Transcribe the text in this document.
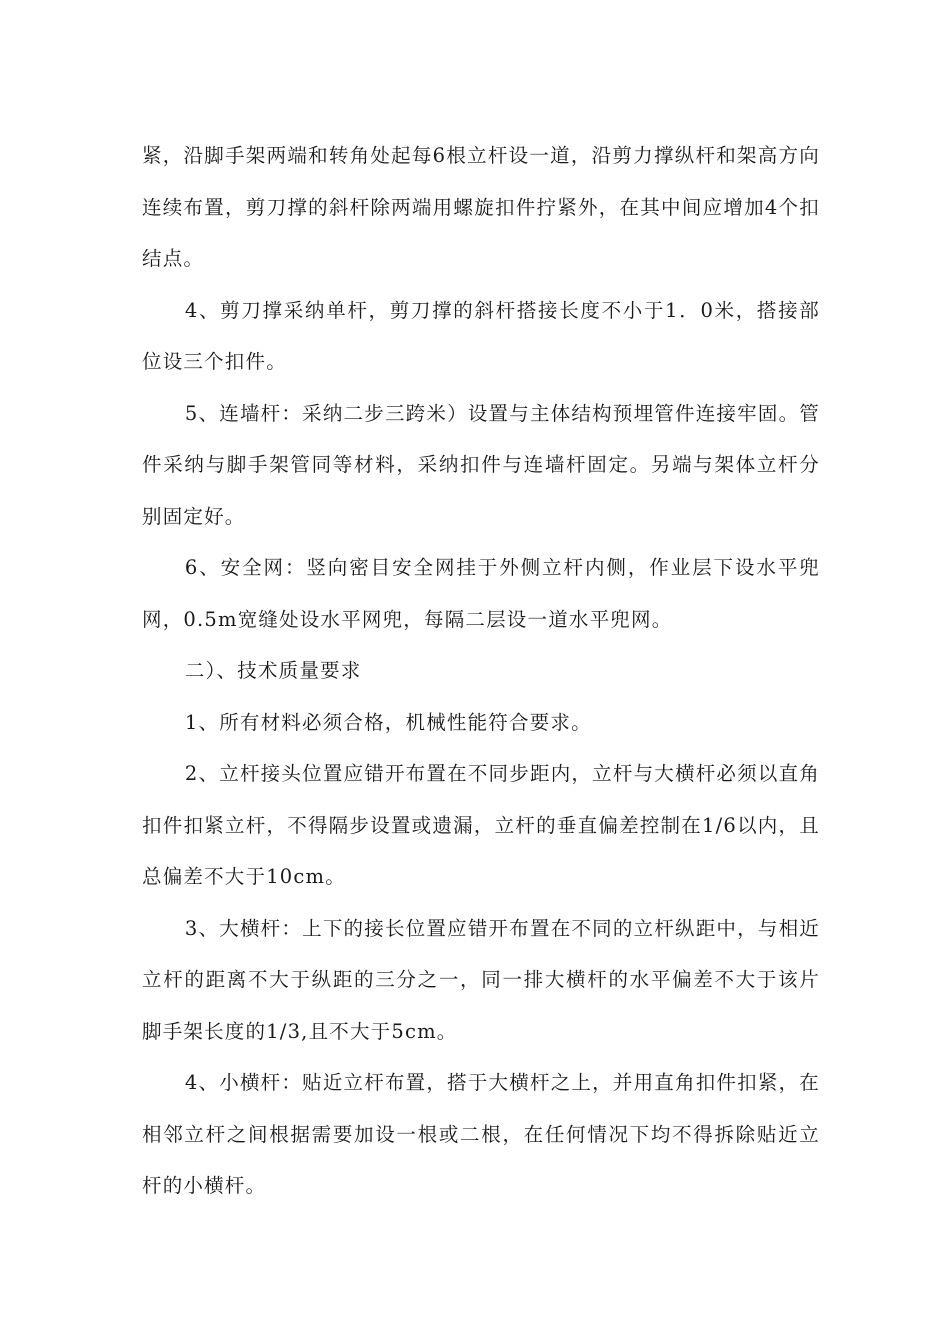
紧，沿脚手架两端和转角处起每6根立杆设一道，沿剪力撑纵杆和架高方向连续布置，剪刀撑的斜杆除两端用螺旋扣件拧紧外，在其中间应增加4个扣结点。

4、剪刀撑采纳单杆，剪刀撑的斜杆搭接长度不小于1．0米，搭接部位设三个扣件。

5、连墙杆：采纳二步三跨米）设置与主体结构预埋管件连接牢固。管件采纳与脚手架管同等材料，采纳扣件与连墙杆固定。另端与架体立杆分别固定好。

6、安全网：竖向密目安全网挂于外侧立杆内侧，作业层下设水平兜网，0.5m宽缝处设水平网兜，每隔二层设一道水平兜网。

二）、技术质量要求

1、所有材料必须合格，机械性能符合要求。

2、立杆接头位置应错开布置在不同步距内，立杆与大横杆必须以直角扣件扣紧立杆，不得隔步设置或遗漏，立杆的垂直偏差控制在1/6以内，且总偏差不大于10cm。

3、大横杆：上下的接长位置应错开布置在不同的立杆纵距中，与相近立杆的距离不大于纵距的三分之一，同一排大横杆的水平偏差不大于该片脚手架长度的1/3,且不大于5cm。

4、小横杆：贴近立杆布置，搭于大横杆之上，并用直角扣件扣紧，在相邻立杆之间根据需要加设一根或二根，在任何情况下均不得拆除贴近立杆的小横杆。
